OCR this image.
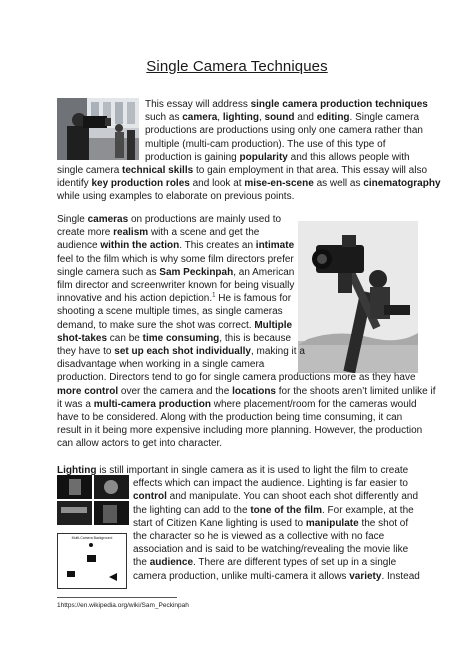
Single Camera Techniques
This essay will address single camera production techniques
such as camera, lighting, sound and editing. Single camera
productions are productions using only one camera rather than
multiple (multi-cam production). The use of this type of
production is gaining popularity and this allows people with
single camera technical skills to gain employment in that area. This essay will also
identify key production roles and look at mise-en-scene as well as cinematography
while using examples to elaborate on previous points.
Single cameras on productions are mainly used to
create more realism with a scene and get the
audience within the action. This creates an intimate
feel to the film which is why some film directors prefer
single camera such as Sam Peckinpah, an American
film director and screenwriter known for being visually
innovative and his action depiction.$^1$ He is famous for
shooting a scene multiple times, as single cameras
demand, to make sure the shot was correct. Multiple
shot-takes can be time consuming, this is because
they have to set up each shot individually, making it a
disadvantage when working in a single camera
production. Directors tend to go for single camera productions more as they have
more control over the camera and the locations for the shoots aren’t limited unlike if
it was a multi-camera production where placement/room for the cameras would
have to be considered. Along with the production being time consuming, it can
result in it being more expensive including more planning. However, the production
can allow actors to get into character.
Multi-Camera Background
Lighting is still important in single camera as it is used to light the film to create
effects which can impact the audience. Lighting is far easier to
control and manipulate. You can shoot each shot differently and
the lighting can add to the tone of the film. For example, at the
start of Citizen Kane lighting is used to manipulate the shot of
the character so he is viewed as a collective with no face
association and is said to be watching/revealing the movie like
the audience. There are different types of set up in a single
camera production, unlike multi-camera it allows variety. Instead
1https://en.wikipedia.org/wiki/Sam_Peckinpah
